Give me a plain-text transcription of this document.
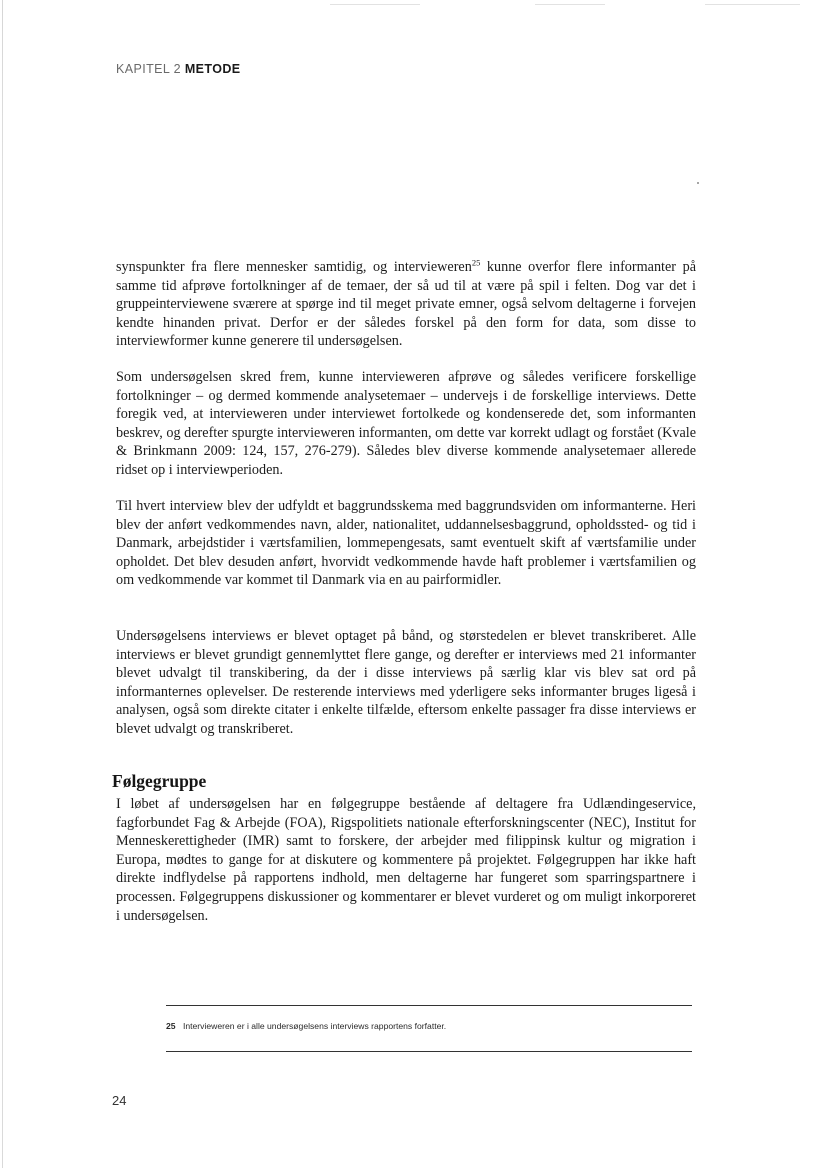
KAPITEL 2 METODE

synspunkter fra flere mennesker samtidig, og intervieweren$^{25}$ kunne overfor flere informanter på samme tid afprøve fortolkninger af de temaer, der så ud til at være på spil i felten. Dog var det i gruppeinterviewene sværere at spørge ind til meget private emner, også selvom deltagerne i forvejen kendte hinanden privat. Derfor er der således forskel på den form for data, som disse to interviewformer kunne generere til undersøgelsen.

Som undersøgelsen skred frem, kunne intervieweren afprøve og således verificere forskellige fortolkninger – og dermed kommende analysetemaer – undervejs i de forskellige interviews. Dette foregik ved, at intervieweren under interviewet fortolkede og kondenserede det, som informanten beskrev, og derefter spurgte intervieweren informanten, om dette var korrekt udlagt og forstået (Kvale & Brinkmann 2009: 124, 157, 276-279). Således blev diverse kommende analysetemaer allerede ridset op i interviewperioden.

Til hvert interview blev der udfyldt et baggrundsskema med baggrundsviden om informanterne. Heri blev der anført vedkommendes navn, alder, nationalitet, uddannelsesbaggrund, opholdssted- og tid i Danmark, arbejdstider i værtsfamilien, lommepengesats, samt eventuelt skift af værtsfamilie under opholdet. Det blev desuden anført, hvorvidt vedkommende havde haft problemer i værtsfamilien og om vedkommende var kommet til Danmark via en au pairformidler.

Undersøgelsens interviews er blevet optaget på bånd, og størstedelen er blevet transkriberet. Alle interviews er blevet grundigt gennemlyttet flere gange, og derefter er interviews med 21 informanter blevet udvalgt til transkibering, da der i disse interviews på særlig klar vis blev sat ord på informanternes oplevelser. De resterende interviews med yderligere seks informanter bruges ligeså i analysen, også som direkte citater i enkelte tilfælde, eftersom enkelte passager fra disse interviews er blevet udvalgt og transkriberet.

Følgegruppe

I løbet af undersøgelsen har en følgegruppe bestående af deltagere fra Udlændingeservice, fagforbundet Fag & Arbejde (FOA), Rigspolitiets nationale efterforskningscenter (NEC), Institut for Menneskerettigheder (IMR) samt to forskere, der arbejder med filippinsk kultur og migration i Europa, mødtes to gange for at diskutere og kommentere på projektet. Følgegruppen har ikke haft direkte indflydelse på rapportens indhold, men deltagerne har fungeret som sparringspartnere i processen. Følgegruppens diskussioner og kommentarer er blevet vurderet og om muligt inkorporeret i undersøgelsen.

25 Intervieweren er i alle undersøgelsens interviews rapportens forfatter.
24
